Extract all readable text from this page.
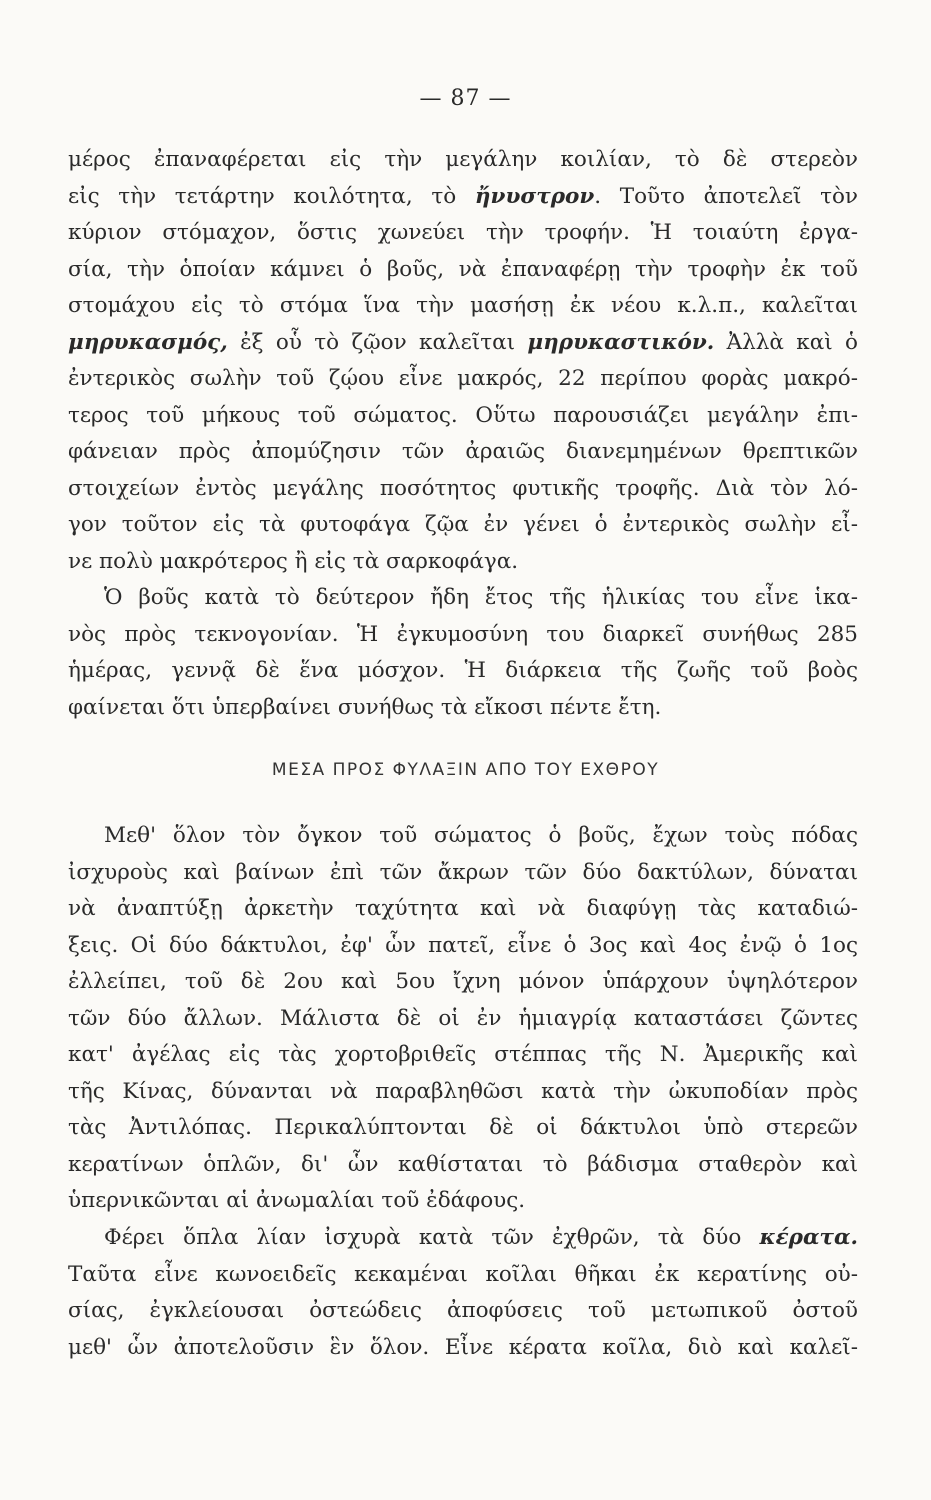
— 87 —
μέρος ἐπαναφέρεται εἰς τὴν μεγάλην κοιλίαν, τὸ δὲ στερεὸν
εἰς τὴν τετάρτην κοιλότητα, τὸ ἤνυστρον. Τοῦτο ἀποτελεῖ τὸν
κύριον στόμαχον, ὅστις χωνεύει τὴν τροφήν. Ἡ τοιαύτη ἐργα-
σία, τὴν ὁποίαν κάμνει ὁ βοῦς, νὰ ἐπαναφέρῃ τὴν τροφὴν ἐκ τοῦ
στομάχου εἰς τὸ στόμα ἵνα τὴν μασήσῃ ἐκ νέου κ.λ.π., καλεῖται
μηρυκασμός, ἐξ οὗ τὸ ζῷον καλεῖται μηρυκαστικόν. Ἀλλὰ καὶ ὁ
ἐντερικὸς σωλὴν τοῦ ζῴου εἶνε μακρός, 22 περίπου φορὰς μακρό-
τερος τοῦ μήκους τοῦ σώματος. Οὕτω παρουσιάζει μεγάλην ἐπι-
φάνειαν πρὸς ἀπομύζησιν τῶν ἀραιῶς διανεμημένων θρεπτικῶν
στοιχείων ἐντὸς μεγάλης ποσότητος φυτικῆς τροφῆς. Διὰ τὸν λό-
γον τοῦτον εἰς τὰ φυτοφάγα ζῷα ἐν γένει ὁ ἐντερικὸς σωλὴν εἶ-
νε πολὺ μακρότερος ἢ εἰς τὰ σαρκοφάγα.
Ὁ βοῦς κατὰ τὸ δεύτερον ἤδη ἔτος τῆς ἡλικίας του εἶνε ἱκα-
νὸς πρὸς τεκνογονίαν. Ἡ ἐγκυμοσύνη του διαρκεῖ συνήθως 285
ἡμέρας, γεννᾷ δὲ ἕνα μόσχον. Ἡ διάρκεια τῆς ζωῆς τοῦ βοὸς
φαίνεται ὅτι ὑπερβαίνει συνήθως τὰ εἴκοσι πέντε ἔτη.
ΜΕΣΑ ΠΡΟΣ ΦΥΛΑΞΙΝ ΑΠΟ ΤΟΥ ΕΧΘΡΟΥ
Μεθ' ὅλον τὸν ὄγκον τοῦ σώματος ὁ βοῦς, ἔχων τοὺς πόδας
ἰσχυροὺς καὶ βαίνων ἐπὶ τῶν ἄκρων τῶν δύο δακτύλων, δύναται
νὰ ἀναπτύξῃ ἀρκετὴν ταχύτητα καὶ νὰ διαφύγῃ τὰς καταδιώ-
ξεις. Οἱ δύο δάκτυλοι, ἐφ' ὧν πατεῖ, εἶνε ὁ 3ος καὶ 4ος ἐνῷ ὁ 1ος
ἐλλείπει, τοῦ δὲ 2ου καὶ 5ου ἴχνη μόνον ὑπάρχουν ὑψηλότερον
τῶν δύο ἄλλων. Μάλιστα δὲ οἱ ἐν ἡμιαγρίᾳ καταστάσει ζῶντες
κατ' ἀγέλας εἰς τὰς χορτοβριθεῖς στέππας τῆς Ν. Ἀμερικῆς καὶ
τῆς Κίνας, δύνανται νὰ παραβληθῶσι κατὰ τὴν ὠκυποδίαν πρὸς
τὰς Ἀντιλόπας. Περικαλύπτονται δὲ οἱ δάκτυλοι ὑπὸ στερεῶν
κερατίνων ὁπλῶν, δι' ὧν καθίσταται τὸ βάδισμα σταθερὸν καὶ
ὑπερνικῶνται αἱ ἀνωμαλίαι τοῦ ἐδάφους.
Φέρει ὅπλα λίαν ἰσχυρὰ κατὰ τῶν ἐχθρῶν, τὰ δύο κέρατα.
Ταῦτα εἶνε κωνοειδεῖς κεκαμέναι κοῖλαι θῆκαι ἐκ κερατίνης οὐ-
σίας, ἐγκλείουσαι ὀστεώδεις ἀποφύσεις τοῦ μετωπικοῦ ὀστοῦ
μεθ' ὧν ἀποτελοῦσιν ἓν ὅλον. Εἶνε κέρατα κοῖλα, διὸ καὶ καλεῖ-
